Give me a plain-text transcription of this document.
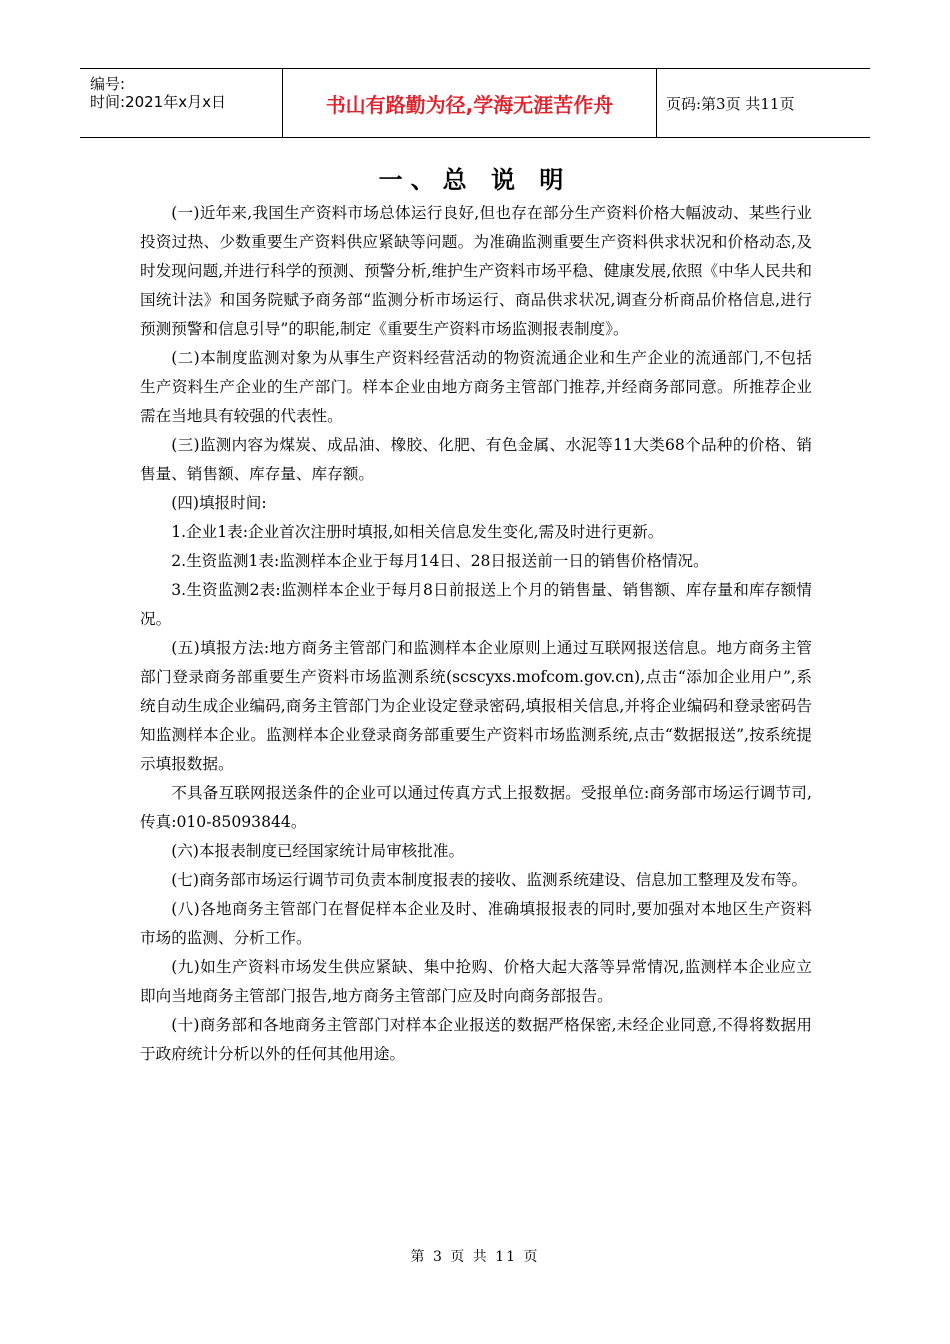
编号:
时间:2021年x月x日	书山有路勤为径,学海无涯苦作舟	页码:第3页 共11页
一、总 说 明

(一)近年来,我国生产资料市场总体运行良好,但也存在部分生产资料价格大幅波动、某些行业投资过热、少数重要生产资料供应紧缺等问题。为准确监测重要生产资料供求状况和价格动态,及时发现问题,并进行科学的预测、预警分析,维护生产资料市场平稳、健康发展,依照《中华人民共和国统计法》和国务院赋予商务部“监测分析市场运行、商品供求状况,调查分析商品价格信息,进行预测预警和信息引导”的职能,制定《重要生产资料市场监测报表制度》。

(二)本制度监测对象为从事生产资料经营活动的物资流通企业和生产企业的流通部门,不包括生产资料生产企业的生产部门。样本企业由地方商务主管部门推荐,并经商务部同意。所推荐企业需在当地具有较强的代表性。

(三)监测内容为煤炭、成品油、橡胶、化肥、有色金属、水泥等11大类68个品种的价格、销售量、销售额、库存量、库存额。

(四)填报时间:

1.企业1表:企业首次注册时填报,如相关信息发生变化,需及时进行更新。

2.生资监测1表:监测样本企业于每月14日、28日报送前一日的销售价格情况。

3.生资监测2表:监测样本企业于每月8日前报送上个月的销售量、销售额、库存量和库存额情况。

(五)填报方法:地方商务主管部门和监测样本企业原则上通过互联网报送信息。地方商务主管部门登录商务部重要生产资料市场监测系统(scscyxs.mofcom.gov.cn),点击“添加企业用户”,系统自动生成企业编码,商务主管部门为企业设定登录密码,填报相关信息,并将企业编码和登录密码告知监测样本企业。监测样本企业登录商务部重要生产资料市场监测系统,点击“数据报送”,按系统提示填报数据。

不具备互联网报送条件的企业可以通过传真方式上报数据。受报单位:商务部市场运行调节司,传真:010-85093844。

(六)本报表制度已经国家统计局审核批准。

(七)商务部市场运行调节司负责本制度报表的接收、监测系统建设、信息加工整理及发布等。

(八)各地商务主管部门在督促样本企业及时、准确填报报表的同时,要加强对本地区生产资料市场的监测、分析工作。

(九)如生产资料市场发生供应紧缺、集中抢购、价格大起大落等异常情况,监测样本企业应立即向当地商务主管部门报告,地方商务主管部门应及时向商务部报告。

(十)商务部和各地商务主管部门对样本企业报送的数据严格保密,未经企业同意,不得将数据用于政府统计分析以外的任何其他用途。

第 3 页 共 11 页
